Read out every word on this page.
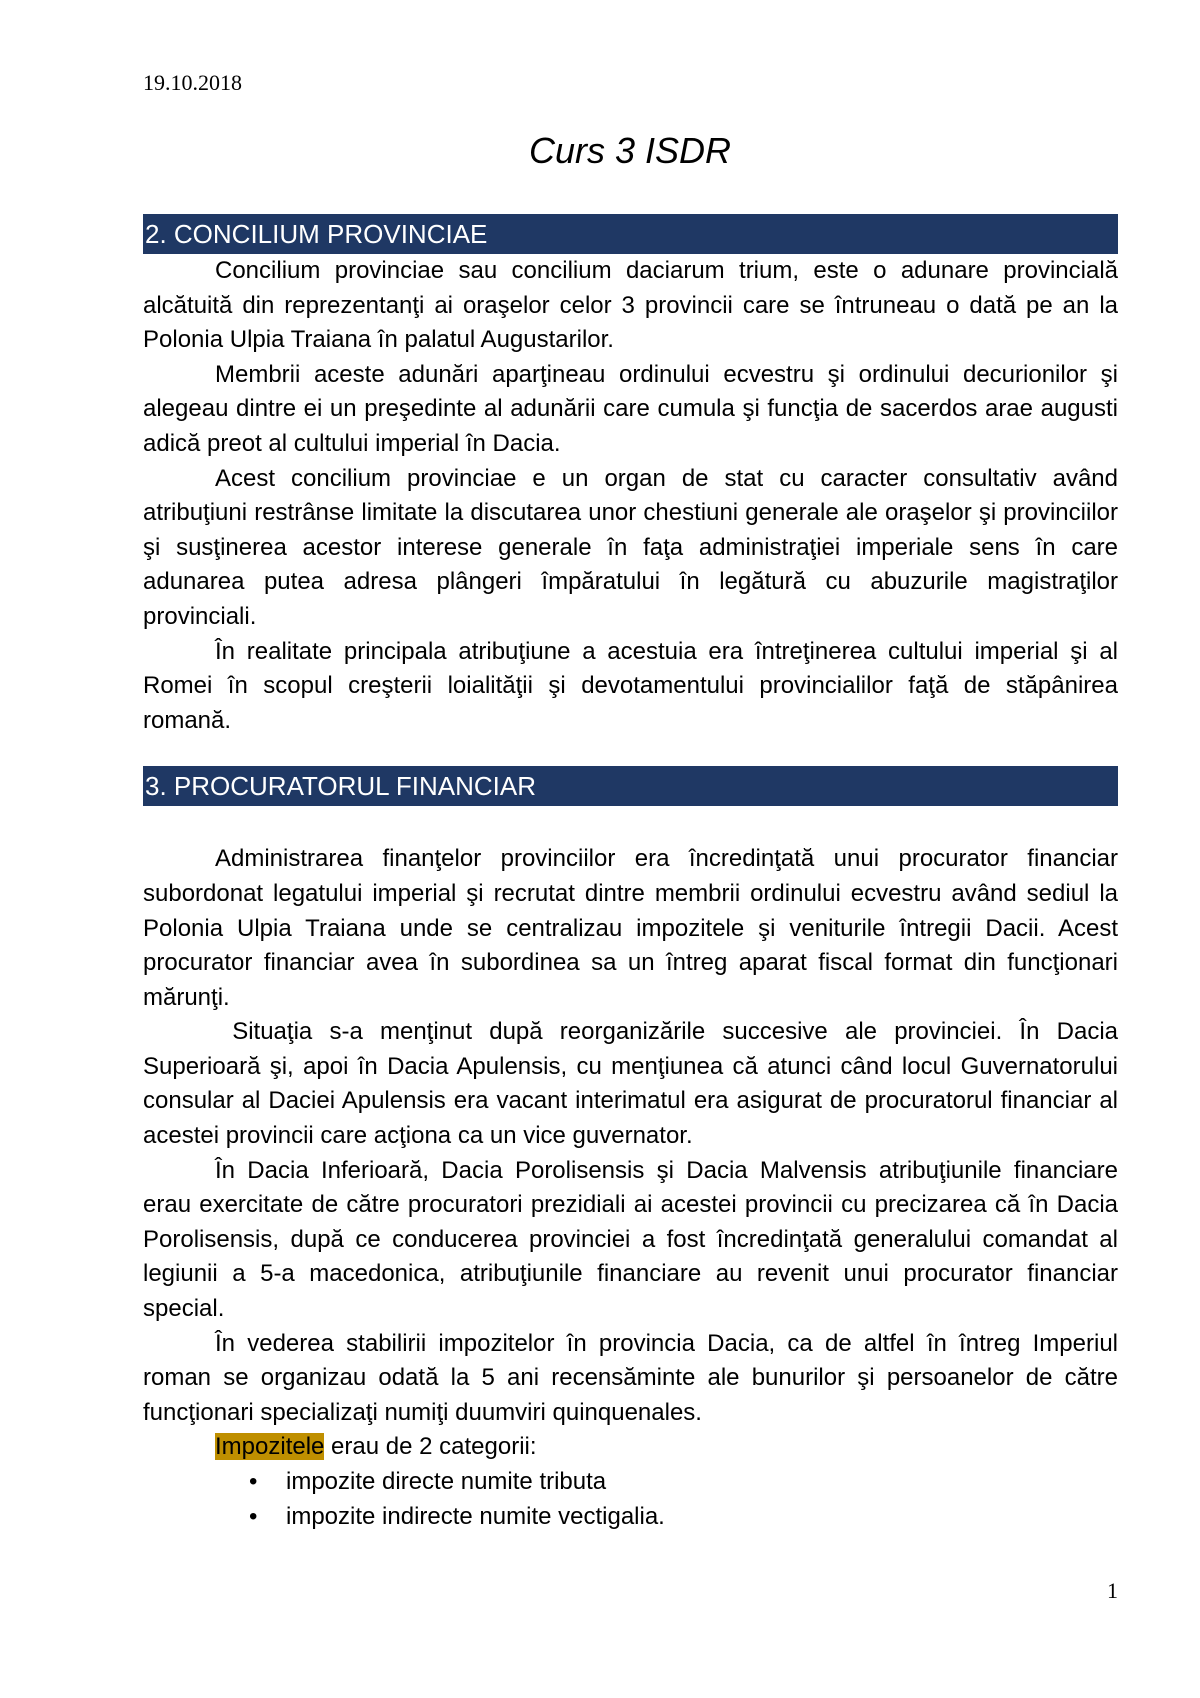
19.10.2018
Curs 3 ISDR
2. CONCILIUM PROVINCIAE

Concilium provinciae sau concilium daciarum trium, este o adunare provincială alcătuită din reprezentanţi ai oraşelor celor 3 provincii care se întruneau o dată pe an la Polonia Ulpia Traiana în palatul Augustarilor.

Membrii aceste adunări aparţineau ordinului ecvestru şi ordinului decurionilor şi alegeau dintre ei un preşedinte al adunării care cumula şi funcţia de sacerdos arae augusti adică preot al cultului imperial în Dacia.

Acest concilium provinciae e un organ de stat cu caracter consultativ având atribuţiuni restrânse limitate la discutarea unor chestiuni generale ale oraşelor şi provinciilor şi susţinerea acestor interese generale în faţa administraţiei imperiale sens în care adunarea putea adresa plângeri împăratului în legătură cu abuzurile magistraţilor provinciali.

În realitate principala atribuţiune a acestuia era întreţinerea cultului imperial şi al Romei în scopul creşterii loialităţii şi devotamentului provincialilor faţă de stăpânirea romană.

3. PROCURATORUL FINANCIAR

Administrarea finanţelor provinciilor era încredinţată unui procurator financiar subordonat legatului imperial şi recrutat dintre membrii ordinului ecvestru având sediul la Polonia Ulpia Traiana unde se centralizau impozitele şi veniturile întregii Dacii. Acest procurator financiar avea în subordinea sa un întreg aparat fiscal format din funcţionari mărunţi.

Situaţia s-a menţinut după reorganizările succesive ale provinciei. În Dacia Superioară şi, apoi în Dacia Apulensis, cu menţiunea că atunci când locul Guvernatorului consular al Daciei Apulensis era vacant interimatul era asigurat de procuratorul financiar al acestei provincii care acţiona ca un vice guvernator.

În Dacia Inferioară, Dacia Porolisensis şi Dacia Malvensis atribuţiunile financiare erau exercitate de către procuratori prezidiali ai acestei provincii cu precizarea că în Dacia Porolisensis, după ce conducerea provinciei a fost încredinţată generalului comandat al legiunii a 5-a macedonica, atribuţiunile financiare au revenit unui procurator financiar special.

În vederea stabilirii impozitelor în provincia Dacia, ca de altfel în întreg Imperiul roman se organizau odată la 5 ani recensăminte ale bunurilor şi persoanelor de către funcţionari specializaţi numiţi duumviri quinquenales.

Impozitele erau de 2 categorii:

• impozite directe numite tributa
• impozite indirecte numite vectigalia.
1
